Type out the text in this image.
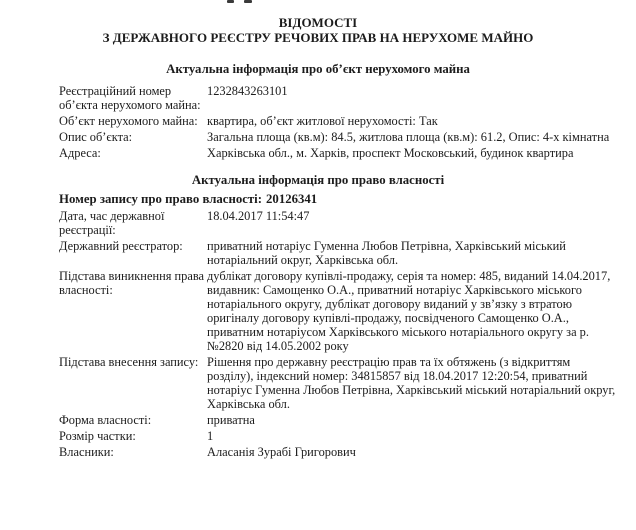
ВІДОМОСТІ
З ДЕРЖАВНОГО РЕЄСТРУ РЕЧОВИХ ПРАВ НА НЕРУХОМЕ МАЙНО
Актуальна інформація про об’єкт нерухомого майна
Реєстраційний номер об’єкта нерухомого майна:
1232843263101
Об’єкт нерухомого майна: квартира, об’єкт житлової нерухомості: Так
Опис об’єкта:	Загальна площа (кв.м): 84.5, житлова площа (кв.м): 61.2, Опис: 4-х кімнатна
Адреса:	Харківська обл., м. Харків, проспект Московський, будинок квартира
Актуальна інформація про право власності
Номер запису про право власності: 20126341
Дата, час державної реєстрації:
18.04.2017 11:54:47
Державний реєстратор:	приватний нотаріус Гуменна Любов Петрівна, Харківський міський нотаріальний округ, Харківська обл.
Підстава виникнення права власності:
дублікат договору купівлі-продажу, серія та номер: 485, виданий 14.04.2017, видавник: Самощенко О.А., приватний нотаріус Харківського міського нотаріального округу, дублікат договору виданий у зв’язку з втратою оригіналу договору купівлі-продажу, посвідченого Самощенко О.А., приватним нотаріусом Харківського міського нотаріального округу за р. №2820 від 14.05.2002 року
Підстава внесення запису: Рішення про державну реєстрацію прав та їх обтяжень (з відкриттям розділу), індексний номер: 34815857 від 18.04.2017 12:20:54, приватний нотаріус Гуменна Любов Петрівна, Харківський міський нотаріальний округ, Харківська обл.
Форма власності:	приватна
Розмір частки:	1
Власники:	Аласанія Зурабі Григорович
